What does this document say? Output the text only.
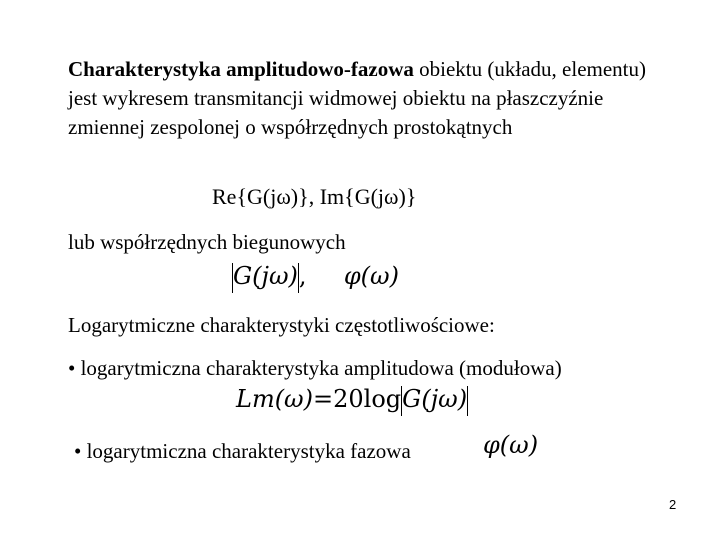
Charakterystyka amplitudowo-fazowa obiektu (układu, elementu) jest wykresem transmitancji widmowej obiektu na płaszczyźnie zmiennej zespolonej o współrzędnych prostokątnych
Re{G(jω)}, Im{G(jω)}
lub współrzędnych biegunowych
G(jω), φ(ω)
Logarytmiczne charakterystyki częstotliwościowe:
• logarytmiczna charakterystyka amplitudowa (modułowa)
Lm(ω)=20logG(jω)
• logarytmiczna charakterystyka fazowa	φ(ω)
2
